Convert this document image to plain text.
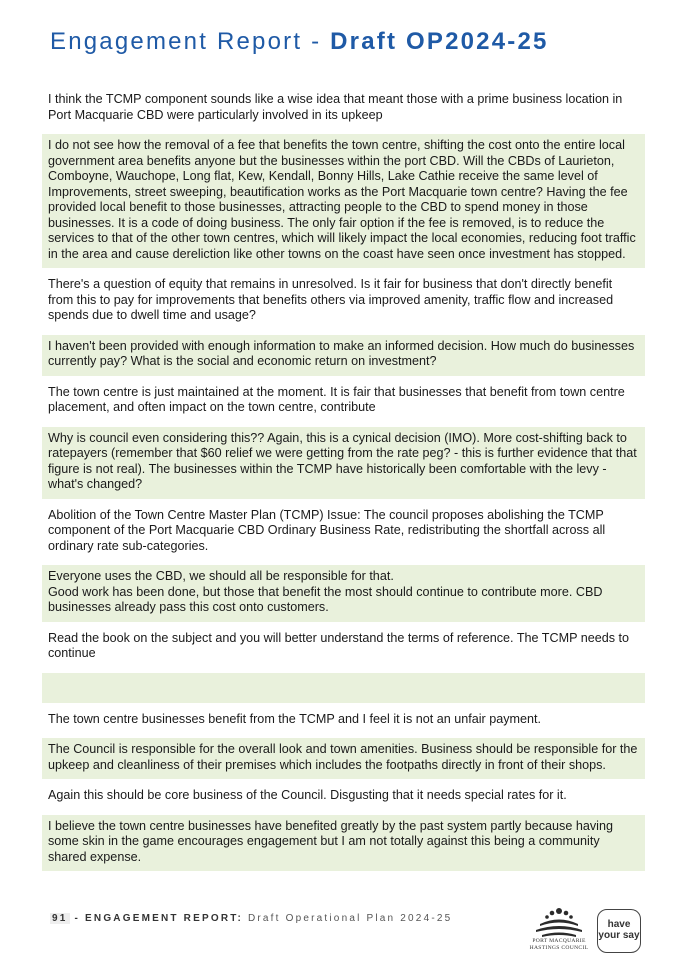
Engagement Report - Draft OP2024-25
I think the TCMP component sounds like a wise idea that meant those with a prime business location in Port Macquarie CBD were particularly involved in its upkeep
I do not see how the removal of a fee that benefits the town centre, shifting the cost onto the entire local government area benefits anyone but the businesses within the port CBD. Will the CBDs of Laurieton, Comboyne, Wauchope, Long flat, Kew, Kendall, Bonny Hills, Lake Cathie receive the same level of Improvements, street sweeping, beautification works as the Port Macquarie town centre? Having the fee provided local benefit to those businesses, attracting people to the CBD to spend money in those businesses. It is a code of doing business. The only fair option if the fee is removed, is to reduce the services to that of the other town centres, which will likely impact the local economies, reducing foot traffic in the area and cause dereliction like other towns on the coast have seen once investment has stopped.
There's a question of equity that remains in unresolved. Is it fair for business that don't directly benefit from this to pay for improvements that benefits others via improved amenity, traffic flow and increased spends due to dwell time and usage?
I haven't been provided with enough information to make an informed decision. How much do businesses currently pay? What is the social and economic return on investment?
The town centre is just maintained at the moment. It is fair that businesses that benefit from town centre placement, and often impact on the town centre, contribute
Why is council even considering this?? Again, this is a cynical decision (IMO). More cost-shifting back to ratepayers (remember that $60 relief we were getting from the rate peg? - this is further evidence that that figure is not real). The businesses within the TCMP have historically been comfortable with the levy - what's changed?
Abolition of the Town Centre Master Plan (TCMP) Issue: The council proposes abolishing the TCMP component of the Port Macquarie CBD Ordinary Business Rate, redistributing the shortfall across all ordinary rate sub-categories.
Everyone uses the CBD, we should all be responsible for that.
Good work has been done, but those that benefit the most should continue to contribute more. CBD businesses already pass this cost onto customers.
Read the book on the subject and you will better understand the terms of reference. The TCMP needs to continue
The town centre businesses benefit from the TCMP and I feel it is not an unfair payment.
The Council is responsible for the overall look and town amenities. Business should be responsible for the upkeep and cleanliness of their premises which includes the footpaths directly in front of their shops.
Again this should be core business of the Council. Disgusting that it needs special rates for it.
I believe the town centre businesses have benefited greatly by the past system partly because having some skin in the game encourages engagement but I am not totally against this being a community shared expense.
91 - ENGAGEMENT REPORT: Draft Operational Plan 2024-25
PORT MACQUARIE
HASTINGS COUNCIL
have
your say
